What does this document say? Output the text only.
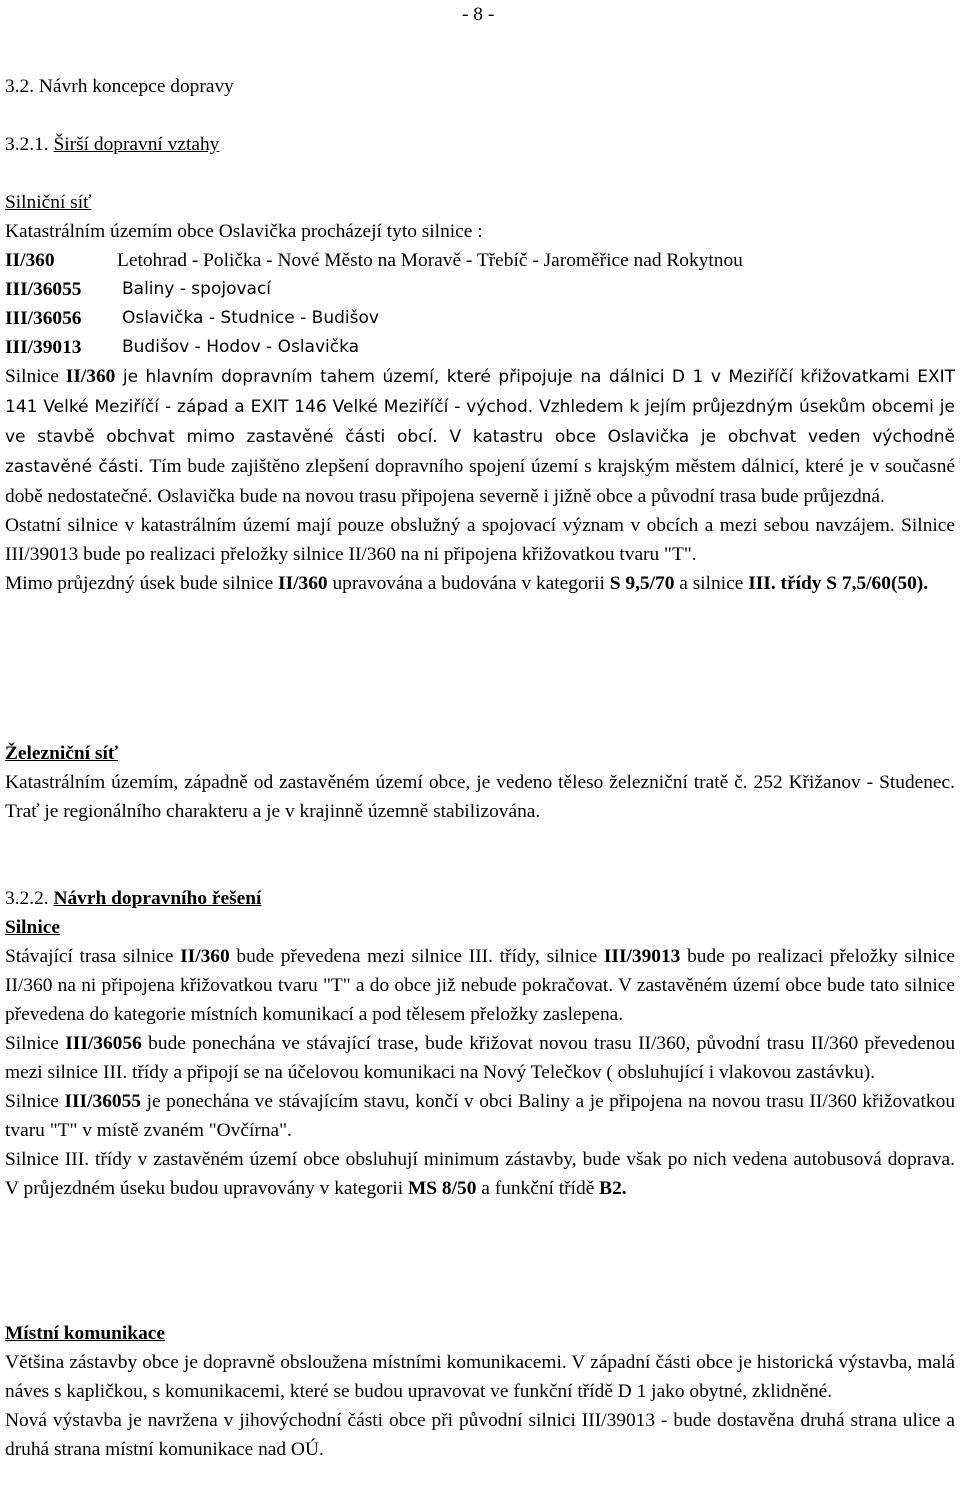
- 8 -
3.2. Návrh koncepce dopravy
3.2.1. Širší dopravní vztahy
Silniční síť
Katastrálním územím obce Oslavička procházejí tyto silnice :
II/360	Letohrad - Polička - Nové Město na Moravě - Třebíč - Jaroměřice nad Rokytnou
III/36055	Baliny - spojovací
III/36056	Oslavička - Studnice - Budišov
III/39013	Budišov - Hodov - Oslavička

Silnice II/360 je hlavním dopravním tahem území, které připojuje na dálnici D 1 v Meziříčí křižovatkami EXIT 141 Velké Meziříčí - západ a EXIT 146 Velké Meziříčí - východ. Vzhledem k jejím průjezdným úsekům obcemi je ve stavbě obchvat mimo zastavěné části obcí. V katastru obce Oslavička je obchvat veden východně zastavěné části. Tím bude zajištěno zlepšení dopravního spojení území s krajským městem dálnicí, které je v současné době nedostatečné. Oslavička bude na novou trasu připojena severně i jižně obce a původní trasa bude průjezdná.

Ostatní silnice v katastrálním území mají pouze obslužný a spojovací význam v obcích a mezi sebou navzájem. Silnice III/39013 bude po realizaci přeložky silnice II/360 na ni připojena křižovatkou tvaru "T".

Mimo průjezdný úsek bude silnice II/360 upravována a budována v kategorii S 9,5/70 a silnice III. třídy S 7,5/60(50).

Železniční síť

Katastrálním územím, západně od zastavěném území obce, je vedeno těleso železniční tratě č. 252 Křižanov - Studenec. Trať je regionálního charakteru a je v krajinně územně stabilizována.

3.2.2. Návrh dopravního řešení
Silnice

Stávající trasa silnice II/360 bude převedena mezi silnice III. třídy, silnice III/39013 bude po realizaci přeložky silnice II/360 na ni připojena křižovatkou tvaru "T" a do obce již nebude pokračovat. V zastavěném území obce bude tato silnice převedena do kategorie místních komunikací a pod tělesem přeložky zaslepena.

Silnice III/36056 bude ponechána ve stávající trase, bude křižovat novou trasu II/360, původní trasu II/360 převedenou mezi silnice III. třídy a připojí se na účelovou komunikaci na Nový Telečkov ( obsluhující i vlakovou zastávku).

Silnice III/36055 je ponechána ve stávajícím stavu, končí v obci Baliny a je připojena na novou trasu II/360 křižovatkou tvaru "T" v místě zvaném "Ovčírna".

Silnice III. třídy v zastavěném území obce obsluhují minimum zástavby, bude však po nich vedena autobusová doprava. V průjezdném úseku budou upravovány v kategorii MS 8/50 a funkční třídě B2.

Místní komunikace

Většina zástavby obce je dopravně obsloužena místními komunikacemi. V západní části obce je historická výstavba, malá náves s kapličkou, s komunikacemi, které se budou upravovat ve funkční třídě D 1 jako obytné, zklidněné.

Nová výstavba je navržena v jihovýchodní části obce při původní silnici III/39013 - bude dostavěna druhá strana ulice a druhá strana místní komunikace nad OÚ.
